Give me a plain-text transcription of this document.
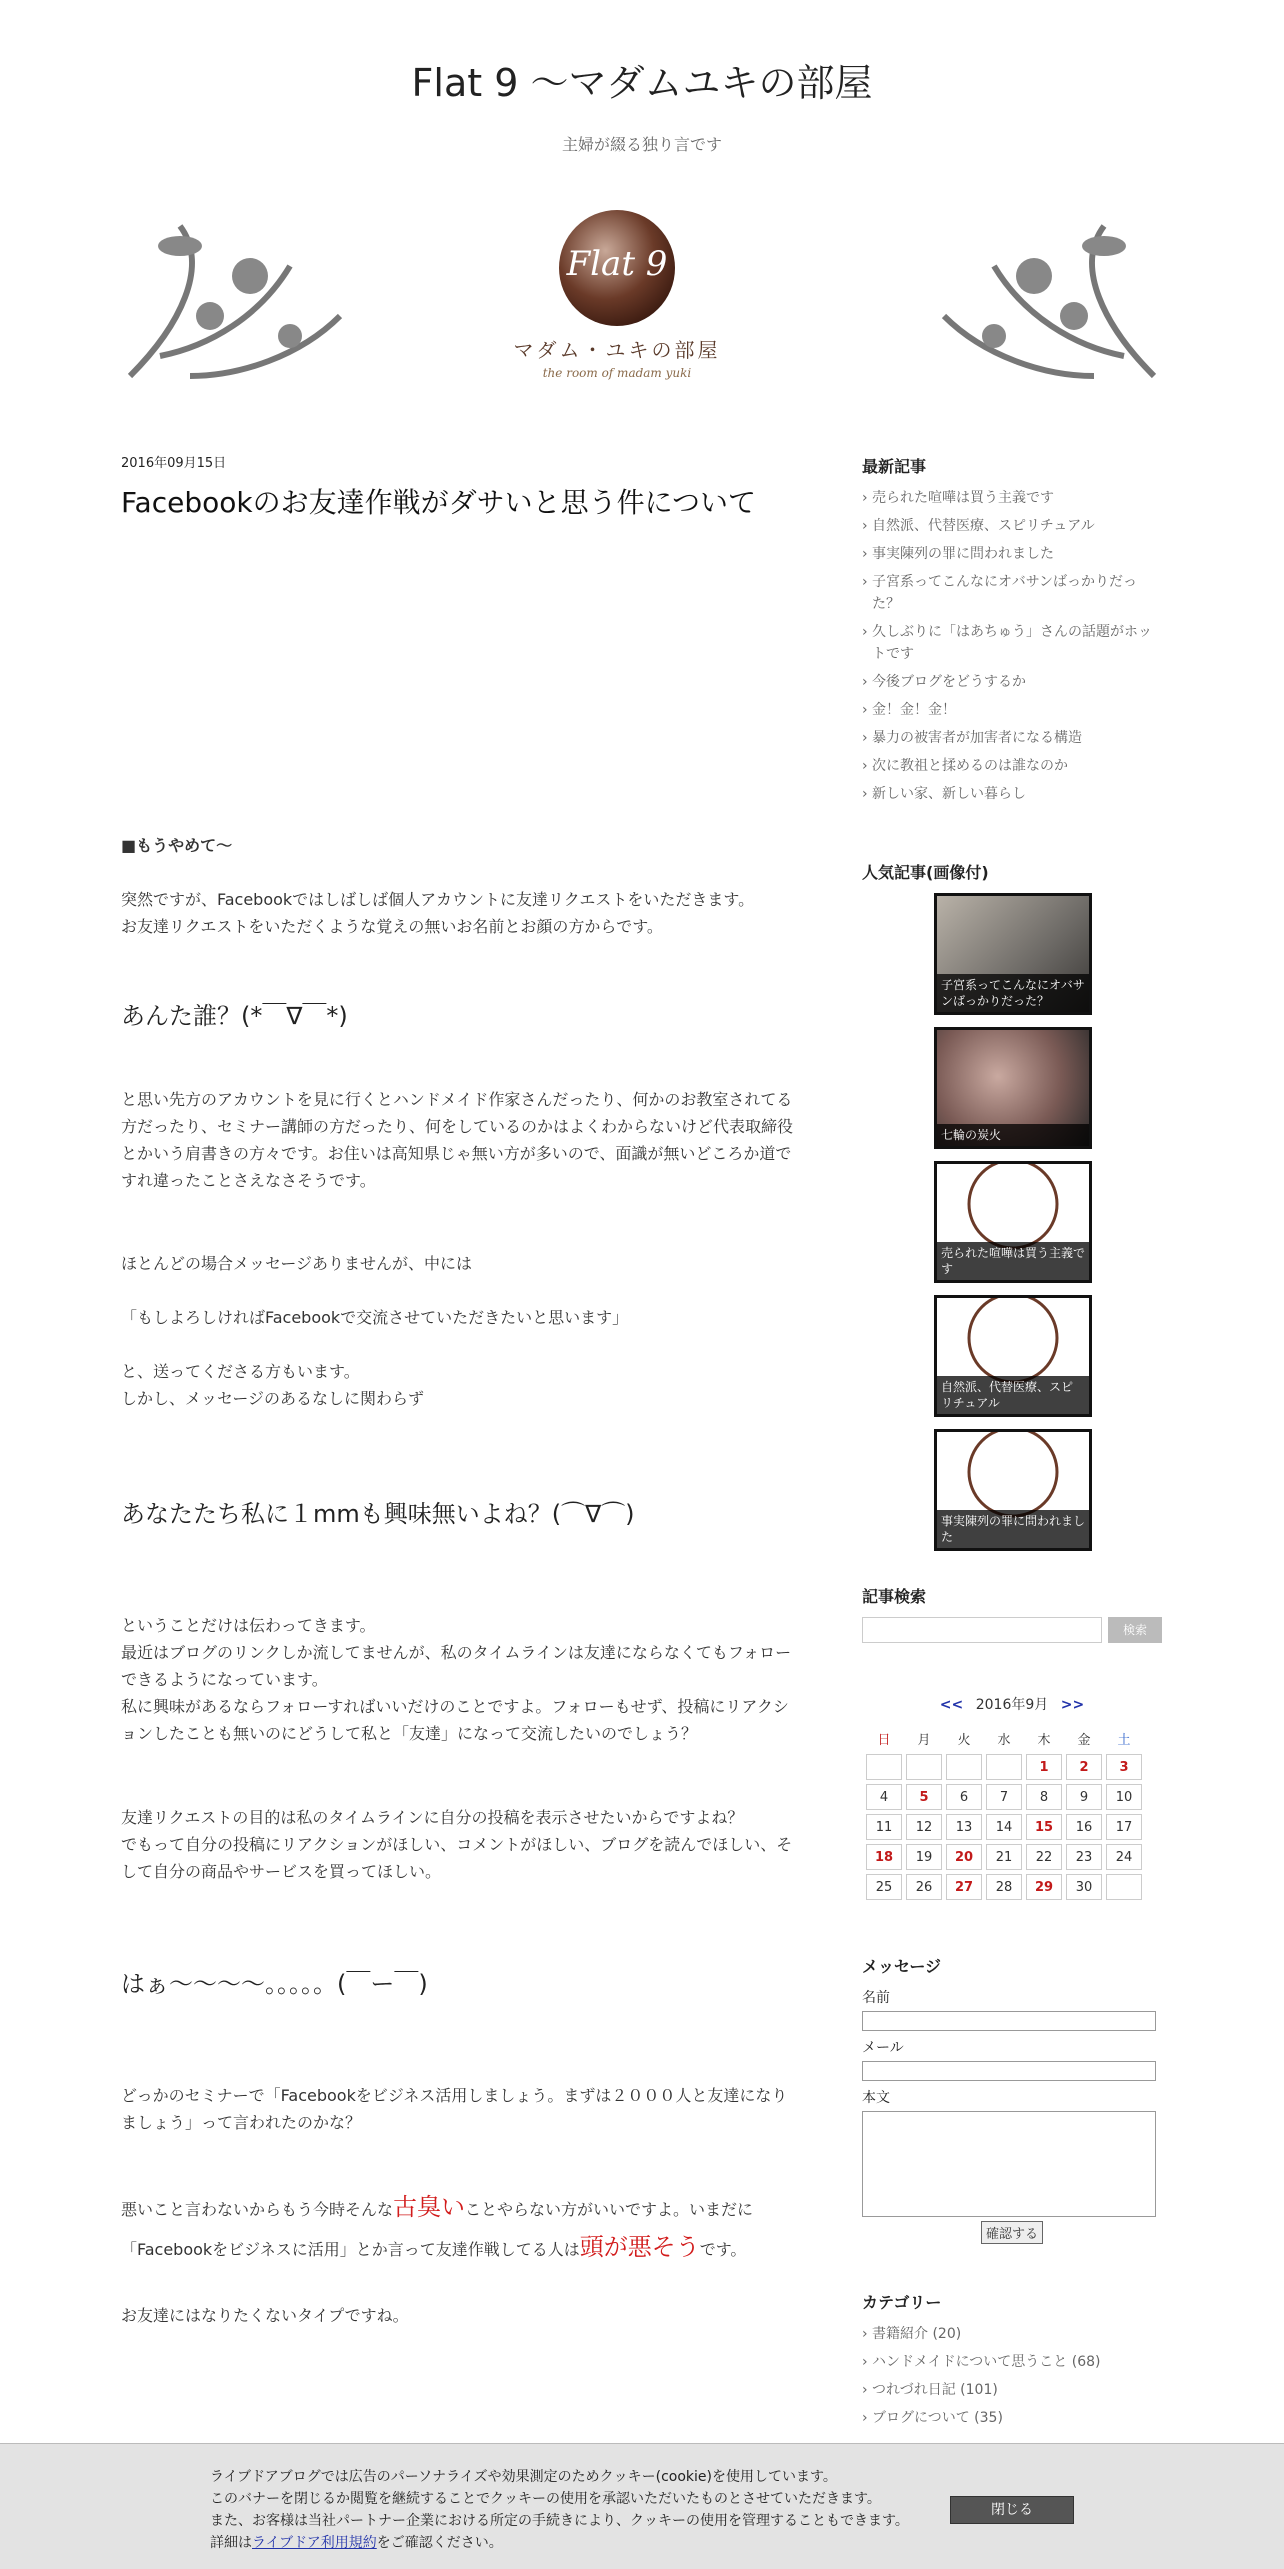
Flat 9 〜マダムユキの部屋
主婦が綴る独り言です
Flat 9
マダム・ユキの部屋
the room of madam yuki
2016年09月15日
Facebookのお友達作戦がダサいと思う件について
■もうやめて〜
突然ですが、Facebookではしばしば個人アカウントに友達リクエストをいただきます。
お友達リクエストをいただくような覚えの無いお名前とお顔の方からです。
あんた誰？(*￣∇￣*)
と思い先方のアカウントを見に行くとハンドメイド作家さんだったり、何かのお教室されてる方だったり、セミナー講師の方だったり、何をしているのかはよくわからないけど代表取締役とかいう肩書きの方々です。お住いは高知県じゃ無い方が多いので、面識が無いどころか道ですれ違ったことさえなさそうです。
ほとんどの場合メッセージありませんが、中には
「もしよろしければFacebookで交流させていただきたいと思います」
と、送ってくださる方もいます。
しかし、メッセージのあるなしに関わらず
あなたたち私に１mmも興味無いよね？(⌒∇⌒)
ということだけは伝わってきます。
最近はブログのリンクしか流してませんが、私のタイムラインは友達にならなくてもフォローできるようになっています。
私に興味があるならフォローすればいいだけのことですよ。フォローもせず、投稿にリアクションしたことも無いのにどうして私と「友達」になって交流したいのでしょう？
友達リクエストの目的は私のタイムラインに自分の投稿を表示させたいからですよね？
でもって自分の投稿にリアクションがほしい、コメントがほしい、ブログを読んでほしい、そして自分の商品やサービスを買ってほしい。
はぁ〜〜〜〜。。。。。(￣ー￣)
どっかのセミナーで「Facebookをビジネス活用しましょう。まずは２０００人と友達になりましょう」って言われたのかな？
悪いこと言わないからもう今時そんな古臭いことやらない方がいいですよ。いまだに
「Facebookをビジネスに活用」とか言って友達作戦してる人は頭が悪そうです。
お友達にはなりたくないタイプですね。
最新記事
› 売られた喧嘩は買う主義です
› 自然派、代替医療、スピリチュアル
› 事実陳列の罪に問われました
› 子宮系ってこんなにオバサンばっかりだった？
› 久しぶりに「はあちゅう」さんの話題がホットです
› 今後ブログをどうするか
› 金！金！金！
› 暴力の被害者が加害者になる構造
› 次に教祖と揉めるのは誰なのか
› 新しい家、新しい暮らし
人気記事(画像付)
子宮系ってこんなにオバサンばっかりだった？
七輪の炭火
売られた喧嘩は買う主義です
自然派、代替医療、スピリチュアル
事実陳列の罪に問われました
記事検索
検索
<< 2016年9月 >>
日	月	火	水	木	金	土
				1	2	3
4	5	6	7	8	9	10
11	12	13	14	15	16	17
18	19	20	21	22	23	24
25	26	27	28	29	30	
メッセージ
名前
メール
本文
確認する
カテゴリー
› 書籍紹介 (20)
› ハンドメイドについて思うこと (68)
› つれづれ日記 (101)
› ブログについて (35)
ライブドアブログでは広告のパーソナライズや効果測定のためクッキー(cookie)を使用しています。
このバナーを閉じるか閲覧を継続することでクッキーの使用を承認いただいたものとさせていただきます。
また、お客様は当社パートナー企業における所定の手続きにより、クッキーの使用を管理することもできます。
詳細はライブドア利用規約をご確認ください。
閉じる
